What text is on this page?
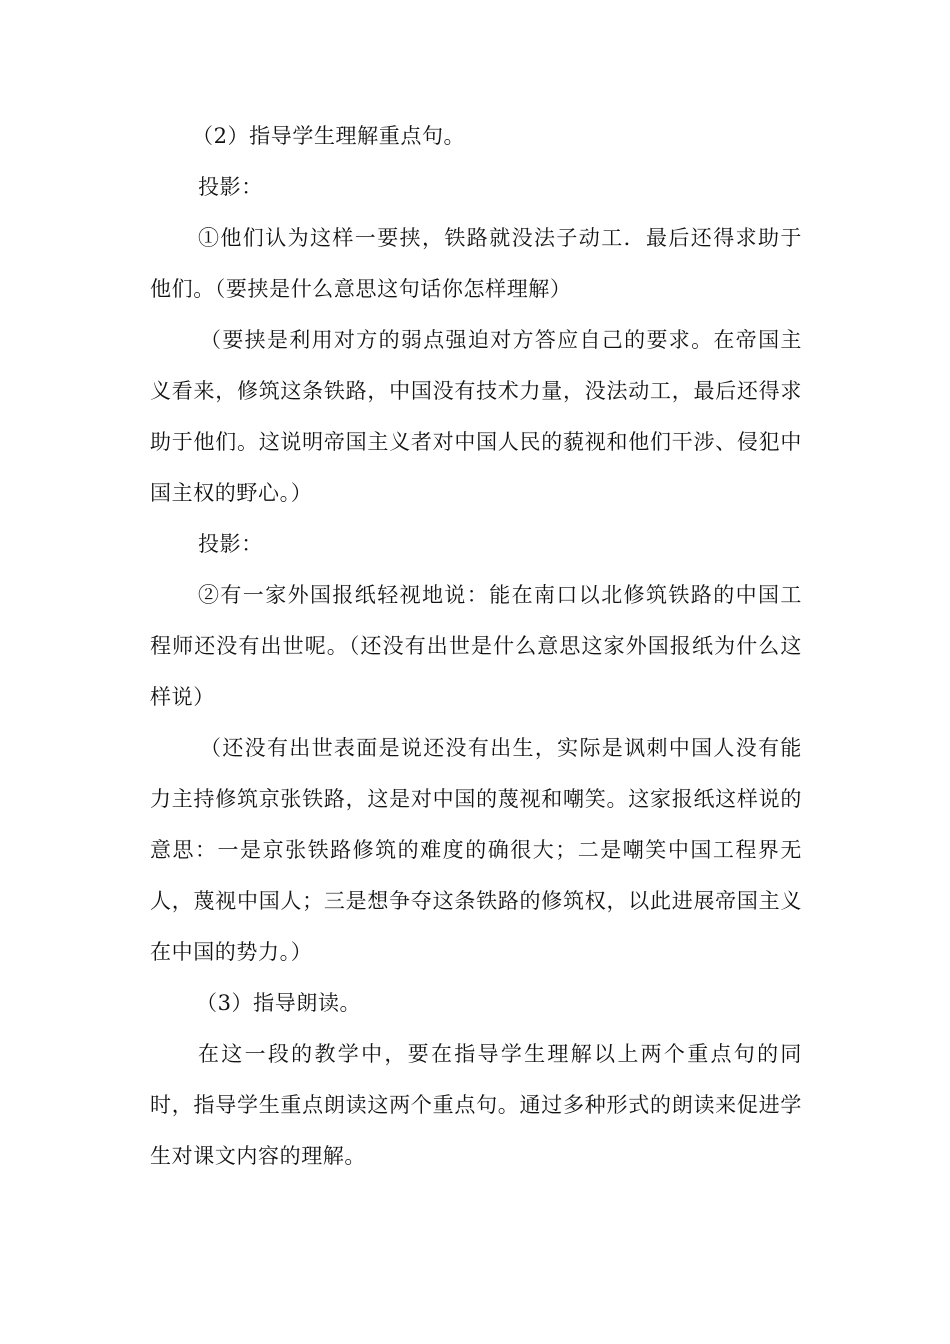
（2）指导学生理解重点句。

投影：

①他们认为这样一要挟，铁路就没法子动工．最后还得求助于他们。（要挟是什么意思这句话你怎样理解）

（要挟是利用对方的弱点强迫对方答应自己的要求。在帝国主义看来，修筑这条铁路，中国没有技术力量，没法动工，最后还得求助于他们。这说明帝国主义者对中国人民的藐视和他们干涉、侵犯中国主权的野心。）

投影：

②有一家外国报纸轻视地说：能在南口以北修筑铁路的中国工程师还没有出世呢。（还没有出世是什么意思这家外国报纸为什么这样说）

（还没有出世表面是说还没有出生，实际是讽刺中国人没有能力主持修筑京张铁路，这是对中国的蔑视和嘲笑。这家报纸这样说的意思：一是京张铁路修筑的难度的确很大；二是嘲笑中国工程界无人，蔑视中国人；三是想争夺这条铁路的修筑权，以此进展帝国主义在中国的势力。）

（3）指导朗读。

在这一段的教学中，要在指导学生理解以上两个重点句的同时，指导学生重点朗读这两个重点句。通过多种形式的朗读来促进学生对课文内容的理解。
